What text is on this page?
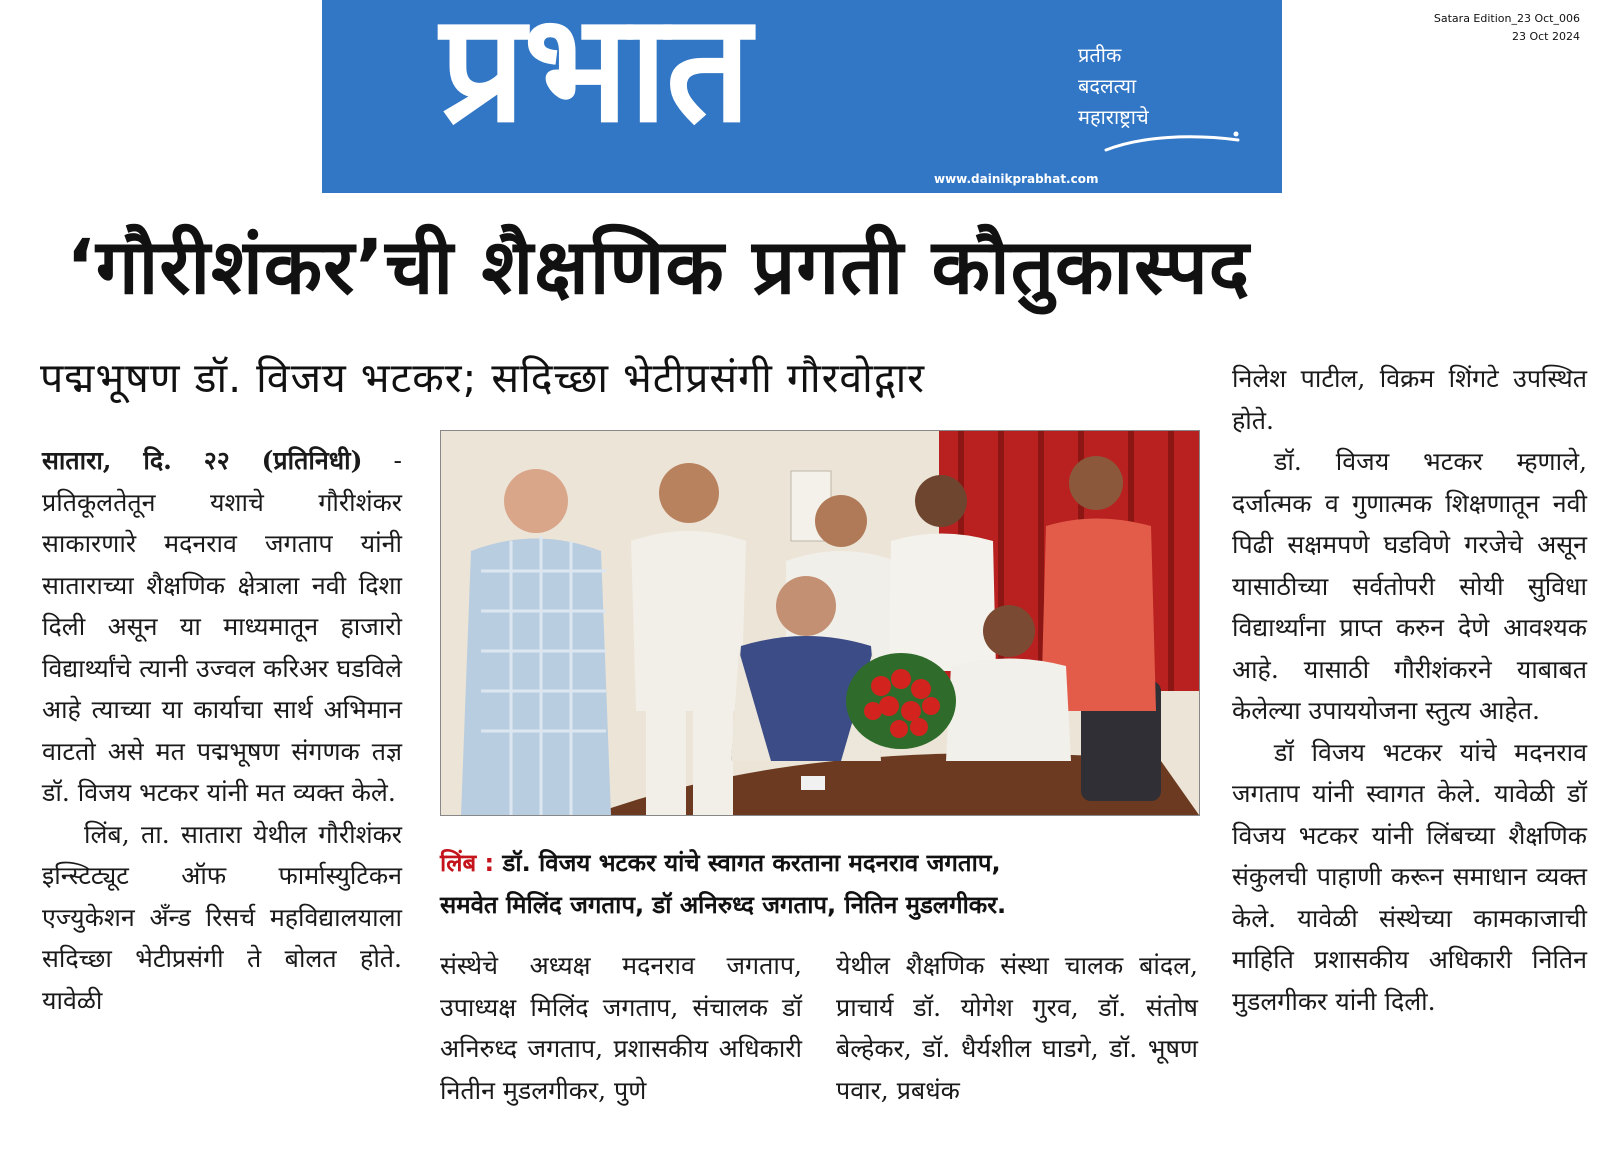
प्रभात	प्रतीक
बदलत्या
महाराष्ट्राचे
www.dainikprabhat.com
Satara Edition_23 Oct_006
23 Oct 2024
‘गौरीशंकर’ची शैक्षणिक प्रगती कौतुकास्पद
पद्मभूषण डॉ. विजय भटकर; सदिच्छा भेटीप्रसंगी गौरवोद्गार

सातारा, दि. २२ (प्रतिनिधी) - प्रतिकूलतेतून यशाचे गौरीशंकर साकारणारे मदनराव जगताप यांनी साताराच्या शैक्षणिक क्षेत्राला नवी दिशा दिली असून या माध्यमातून हाजारो विद्यार्थ्यांचे त्यानी उज्वल करिअर घडविले आहे त्याच्या या कार्याचा सार्थ अभिमान वाटतो असे मत पद्मभूषण संगणक तज्ञ डॉ. विजय भटकर यांनी मत व्यक्त केले.

लिंब, ता. सातारा येथील गौरीशंकर इन्स्टिट्यूट ऑफ फार्मास्युटिकन एज्युकेशन अँन्ड रिसर्च महविद्यालयाला सदिच्छा भेटीप्रसंगी ते बोलत होते. यावेळी

लिंब : डॉ. विजय भटकर यांचे स्वागत करताना मदनराव जगताप,
समवेत मिलिंद जगताप, डॉ अनिरुध्द जगताप, नितिन मुडलगीकर.

संस्थेचे अध्यक्ष मदनराव जगताप, उपाध्यक्ष मिलिंद जगताप, संचालक डॉ अनिरुध्द जगताप, प्रशासकीय अधिकारी नितीन मुडलगीकर, पुणे

येथील शैक्षणिक संस्था चालक बांदल, प्राचार्य डॉ. योगेश गुरव, डॉ. संतोष बेल्हेकर, डॉ. धैर्यशील घाडगे, डॉ. भूषण पवार, प्रबधंक

निलेश पाटील, विक्रम शिंगटे उपस्थित होते.

डॉ. विजय भटकर म्हणाले, दर्जात्मक व गुणात्मक शिक्षणातून नवी पिढी सक्षमपणे घडविणे गरजेचे असून यासाठीच्या सर्वतोपरी सोयी सुविधा विद्यार्थ्यांना प्राप्त करुन देणे आवश्यक आहे. यासाठी गौरीशंकरने याबाबत केलेल्या उपाययोजना स्तुत्य आहेत.

डॉ विजय भटकर यांचे मदनराव जगताप यांनी स्वागत केले. यावेळी डॉ विजय भटकर यांनी लिंबच्या शैक्षणिक संकुलची पाहाणी करून समाधान व्यक्त केले. यावेळी संस्थेच्या कामकाजाची माहिति प्रशासकीय अधिकारी नितिन मुडलगीकर यांनी दिली.
